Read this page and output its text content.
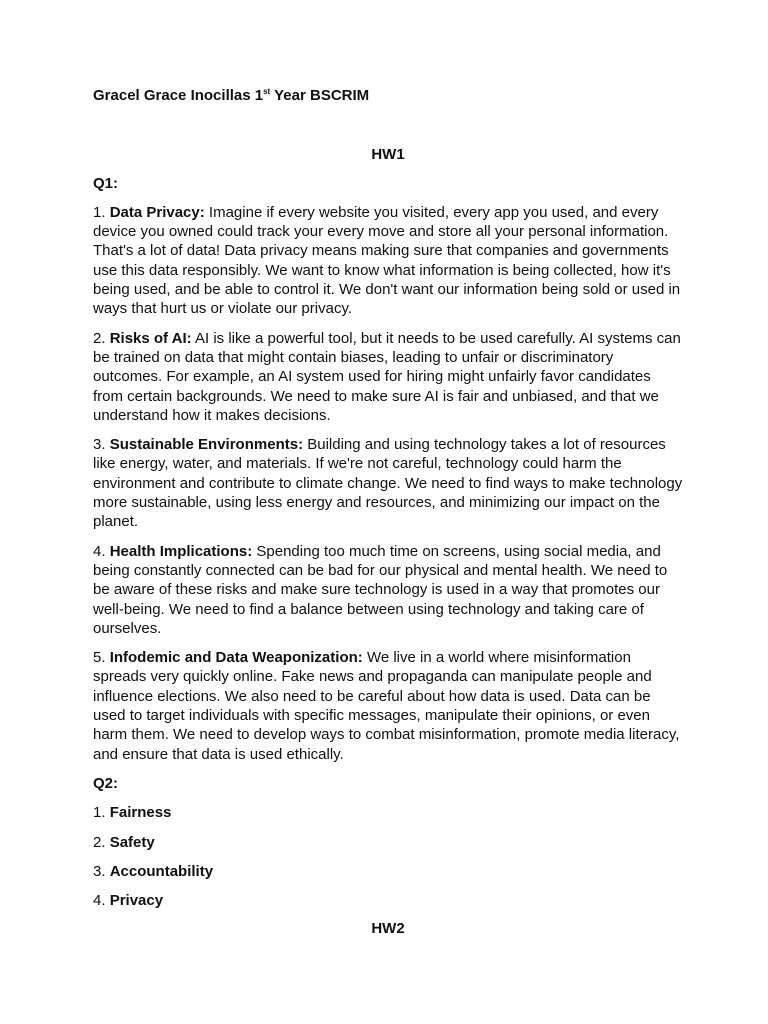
Gracel Grace Inocillas 1st Year BSCRIM

HW1

Q1:

1. Data Privacy: Imagine if every website you visited, every app you used, and every device you owned could track your every move and store all your personal information. That's a lot of data! Data privacy means making sure that companies and governments use this data responsibly. We want to know what information is being collected, how it's being used, and be able to control it. We don't want our information being sold or used in ways that hurt us or violate our privacy.

2. Risks of AI: AI is like a powerful tool, but it needs to be used carefully. AI systems can be trained on data that might contain biases, leading to unfair or discriminatory outcomes. For example, an AI system used for hiring might unfairly favor candidates from certain backgrounds. We need to make sure AI is fair and unbiased, and that we understand how it makes decisions.

3. Sustainable Environments: Building and using technology takes a lot of resources like energy, water, and materials. If we're not careful, technology could harm the environment and contribute to climate change. We need to find ways to make technology more sustainable, using less energy and resources, and minimizing our impact on the planet.

4. Health Implications: Spending too much time on screens, using social media, and being constantly connected can be bad for our physical and mental health. We need to be aware of these risks and make sure technology is used in a way that promotes our well-being. We need to find a balance between using technology and taking care of ourselves.

5. Infodemic and Data Weaponization: We live in a world where misinformation spreads very quickly online. Fake news and propaganda can manipulate people and influence elections. We also need to be careful about how data is used. Data can be used to target individuals with specific messages, manipulate their opinions, or even harm them. We need to develop ways to combat misinformation, promote media literacy, and ensure that data is used ethically.

Q2:

1. Fairness

2. Safety

3. Accountability

4. Privacy

HW2
